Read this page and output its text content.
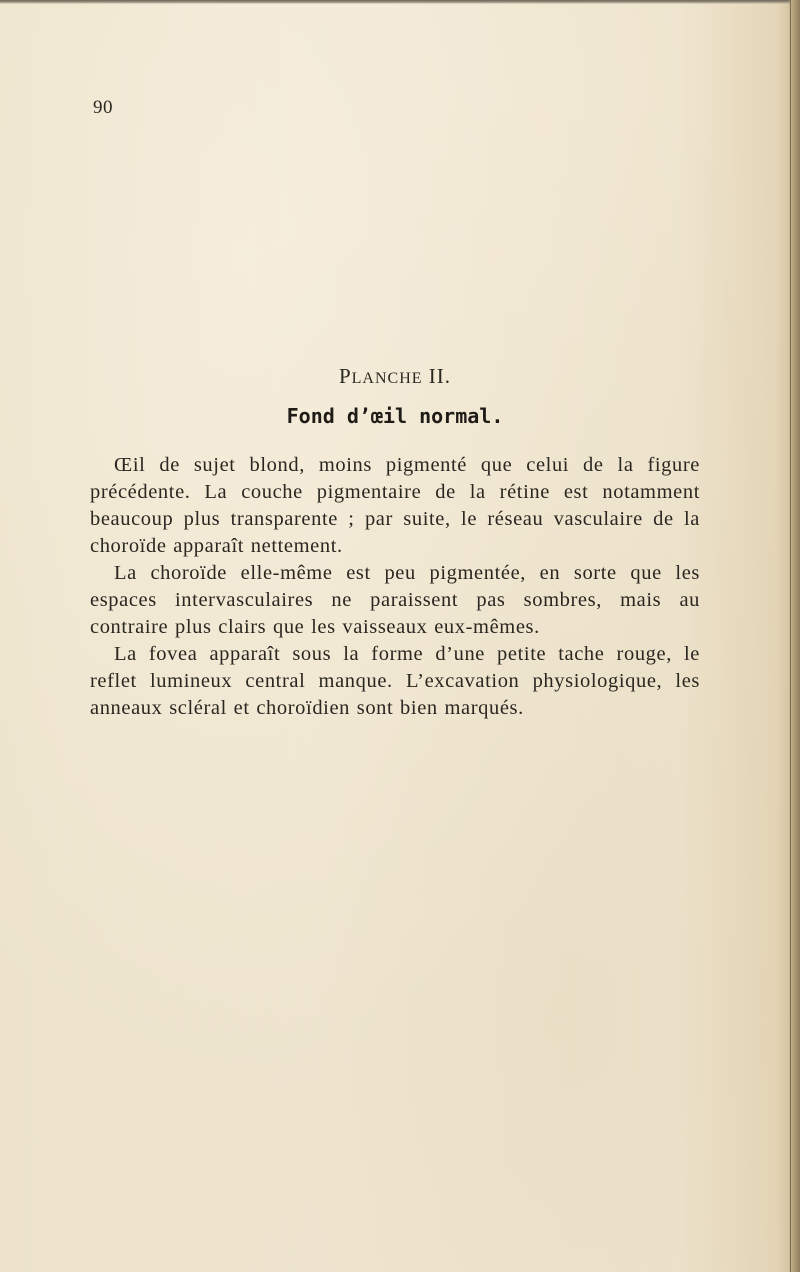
90
PLANCHE II.
Fond d’œil normal.

Œil de sujet blond, moins pigmenté que celui de la figure précédente. La couche pigmentaire de la rétine est notamment beaucoup plus transparente ; par suite, le réseau vasculaire de la choroïde apparaît nettement.

La choroïde elle-même est peu pigmentée, en sorte que les espaces intervasculaires ne paraissent pas sombres, mais au contraire plus clairs que les vaisseaux eux-mêmes.

La fovea apparaît sous la forme d’une petite tache rouge, le reflet lumineux central manque. L’excavation physiologique, les anneaux scléral et choroïdien sont bien marqués.
